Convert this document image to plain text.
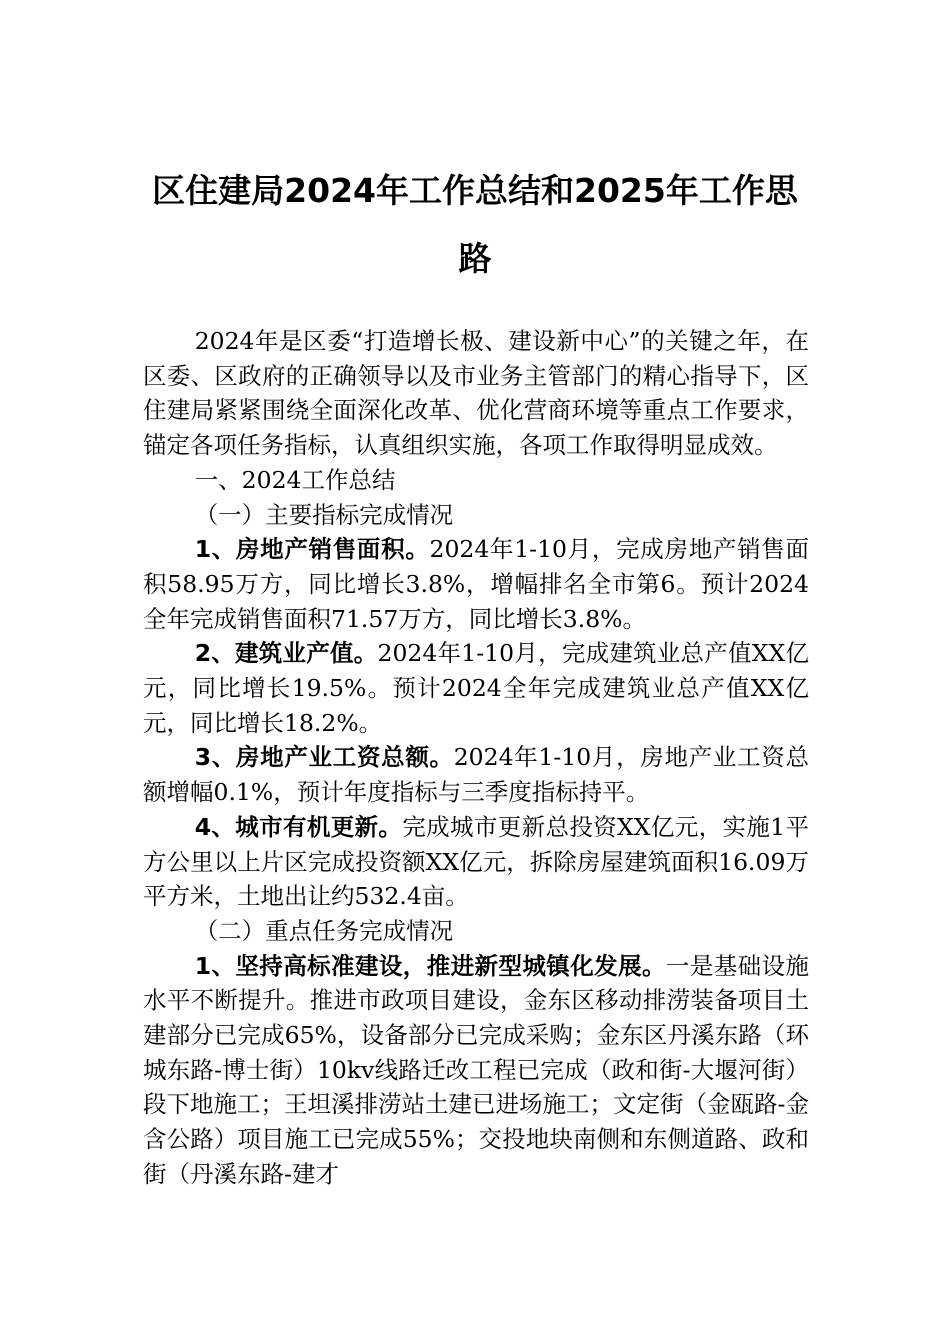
区住建局2024年工作总结和2025年工作思
路

2024年是区委“打造增长极、建设新中心”的关键之年，在区委、区政府的正确领导以及市业务主管部门的精心指导下，区住建局紧紧围绕全面深化改革、优化营商环境等重点工作要求，锚定各项任务指标，认真组织实施，各项工作取得明显成效。

一、2024工作总结

（一）主要指标完成情况

1、房地产销售面积。2024年1-10月，完成房地产销售面积58.95万方，同比增长3.8%，增幅排名全市第6。预计2024全年完成销售面积71.57万方，同比增长3.8%。

2、建筑业产值。2024年1-10月，完成建筑业总产值XX亿元，同比增长19.5%。预计2024全年完成建筑业总产值XX亿元，同比增长18.2%。

3、房地产业工资总额。2024年1-10月，房地产业工资总额增幅0.1%，预计年度指标与三季度指标持平。

4、城市有机更新。完成城市更新总投资XX亿元，实施1平方公里以上片区完成投资额XX亿元，拆除房屋建筑面积16.09万平方米，土地出让约532.4亩。

（二）重点任务完成情况

1、坚持高标准建设，推进新型城镇化发展。一是基础设施水平不断提升。推进市政项目建设，金东区移动排涝装备项目土建部分已完成65%，设备部分已完成采购；金东区丹溪东路（环城东路-博士街）10kv线路迁改工程已完成（政和街-大堰河街）段下地施工；王坦溪排涝站土建已进场施工；文定街（金瓯路-金含公路）项目施工已完成55%；交投地块南侧和东侧道路、政和街（丹溪东路-建才
